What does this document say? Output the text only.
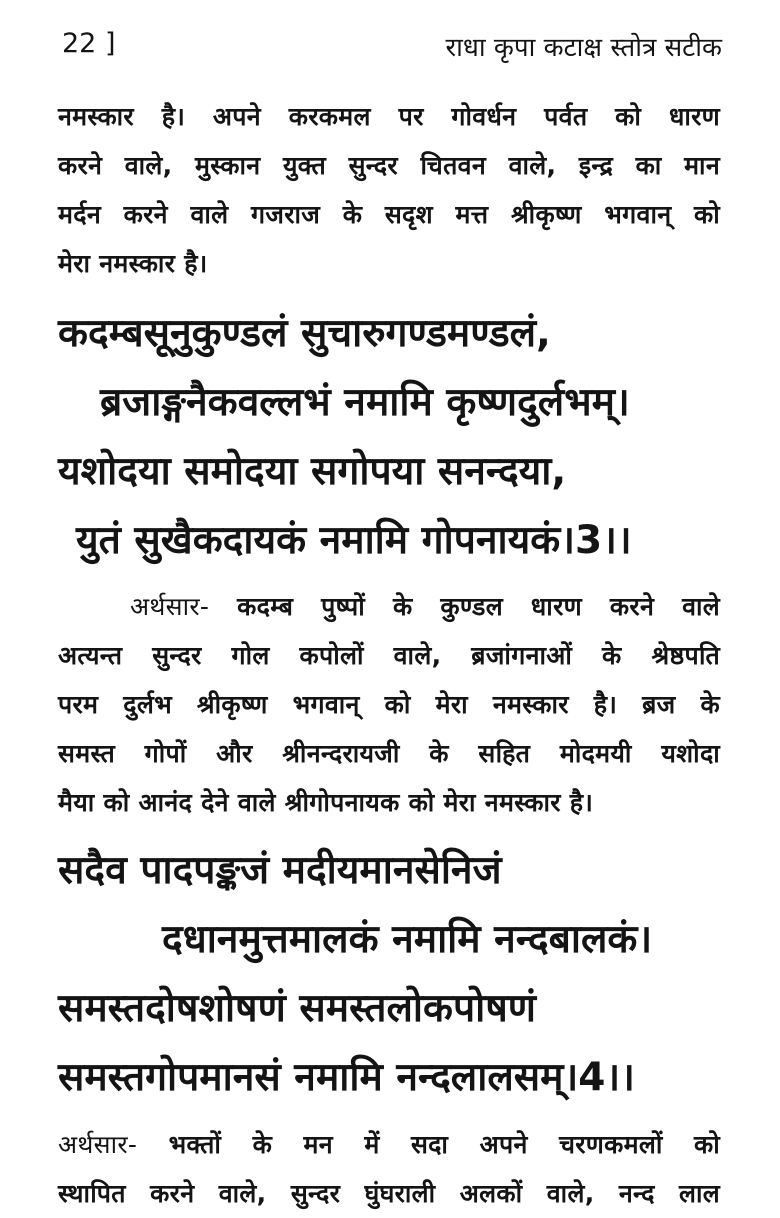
22 ]	राधा कृपा कटाक्ष स्तोत्र सटीक

नमस्कार है। अपने करकमल पर गोवर्धन पर्वत को धारण
करने वाले, मुस्कान युक्त सुन्दर चितवन वाले, इन्द्र का मान
मर्दन करने वाले गजराज के सदृश मत्त श्रीकृष्ण भगवान् को
मेरा नमस्कार है।

कदम्बसूनुकुण्डलं सुचारुगण्डमण्डलं,
ब्रजाङ्गनैकवल्लभं नमामि कृष्णदुर्लभम्।
यशोदया समोदया सगोपया सनन्दया,
युतं सुखैकदायकं नमामि गोपनायकं।3।।

अर्थसार- कदम्ब पुष्पों के कुण्डल धारण करने वाले
अत्यन्त सुन्दर गोल कपोलों वाले, ब्रजांगनाओं के श्रेष्ठपति
परम दुर्लभ श्रीकृष्ण भगवान् को मेरा नमस्कार है। ब्रज के
समस्त गोपों और श्रीनन्दरायजी के सहित मोदमयी यशोदा
मैया को आनंद देने वाले श्रीगोपनायक को मेरा नमस्कार है।

सदैव पादपङ्कजं मदीयमानसेनिजं
दधानमुत्तमालकं नमामि नन्दबालकं।
समस्तदोषशोषणं समस्तलोकपोषणं
समस्तगोपमानसं नमामि नन्दलालसम्।4।।

अर्थसार- भक्तों के मन में सदा अपने चरणकमलों को
स्थापित करने वाले, सुन्दर घुंघराली अलकों वाले, नन्द लाल
